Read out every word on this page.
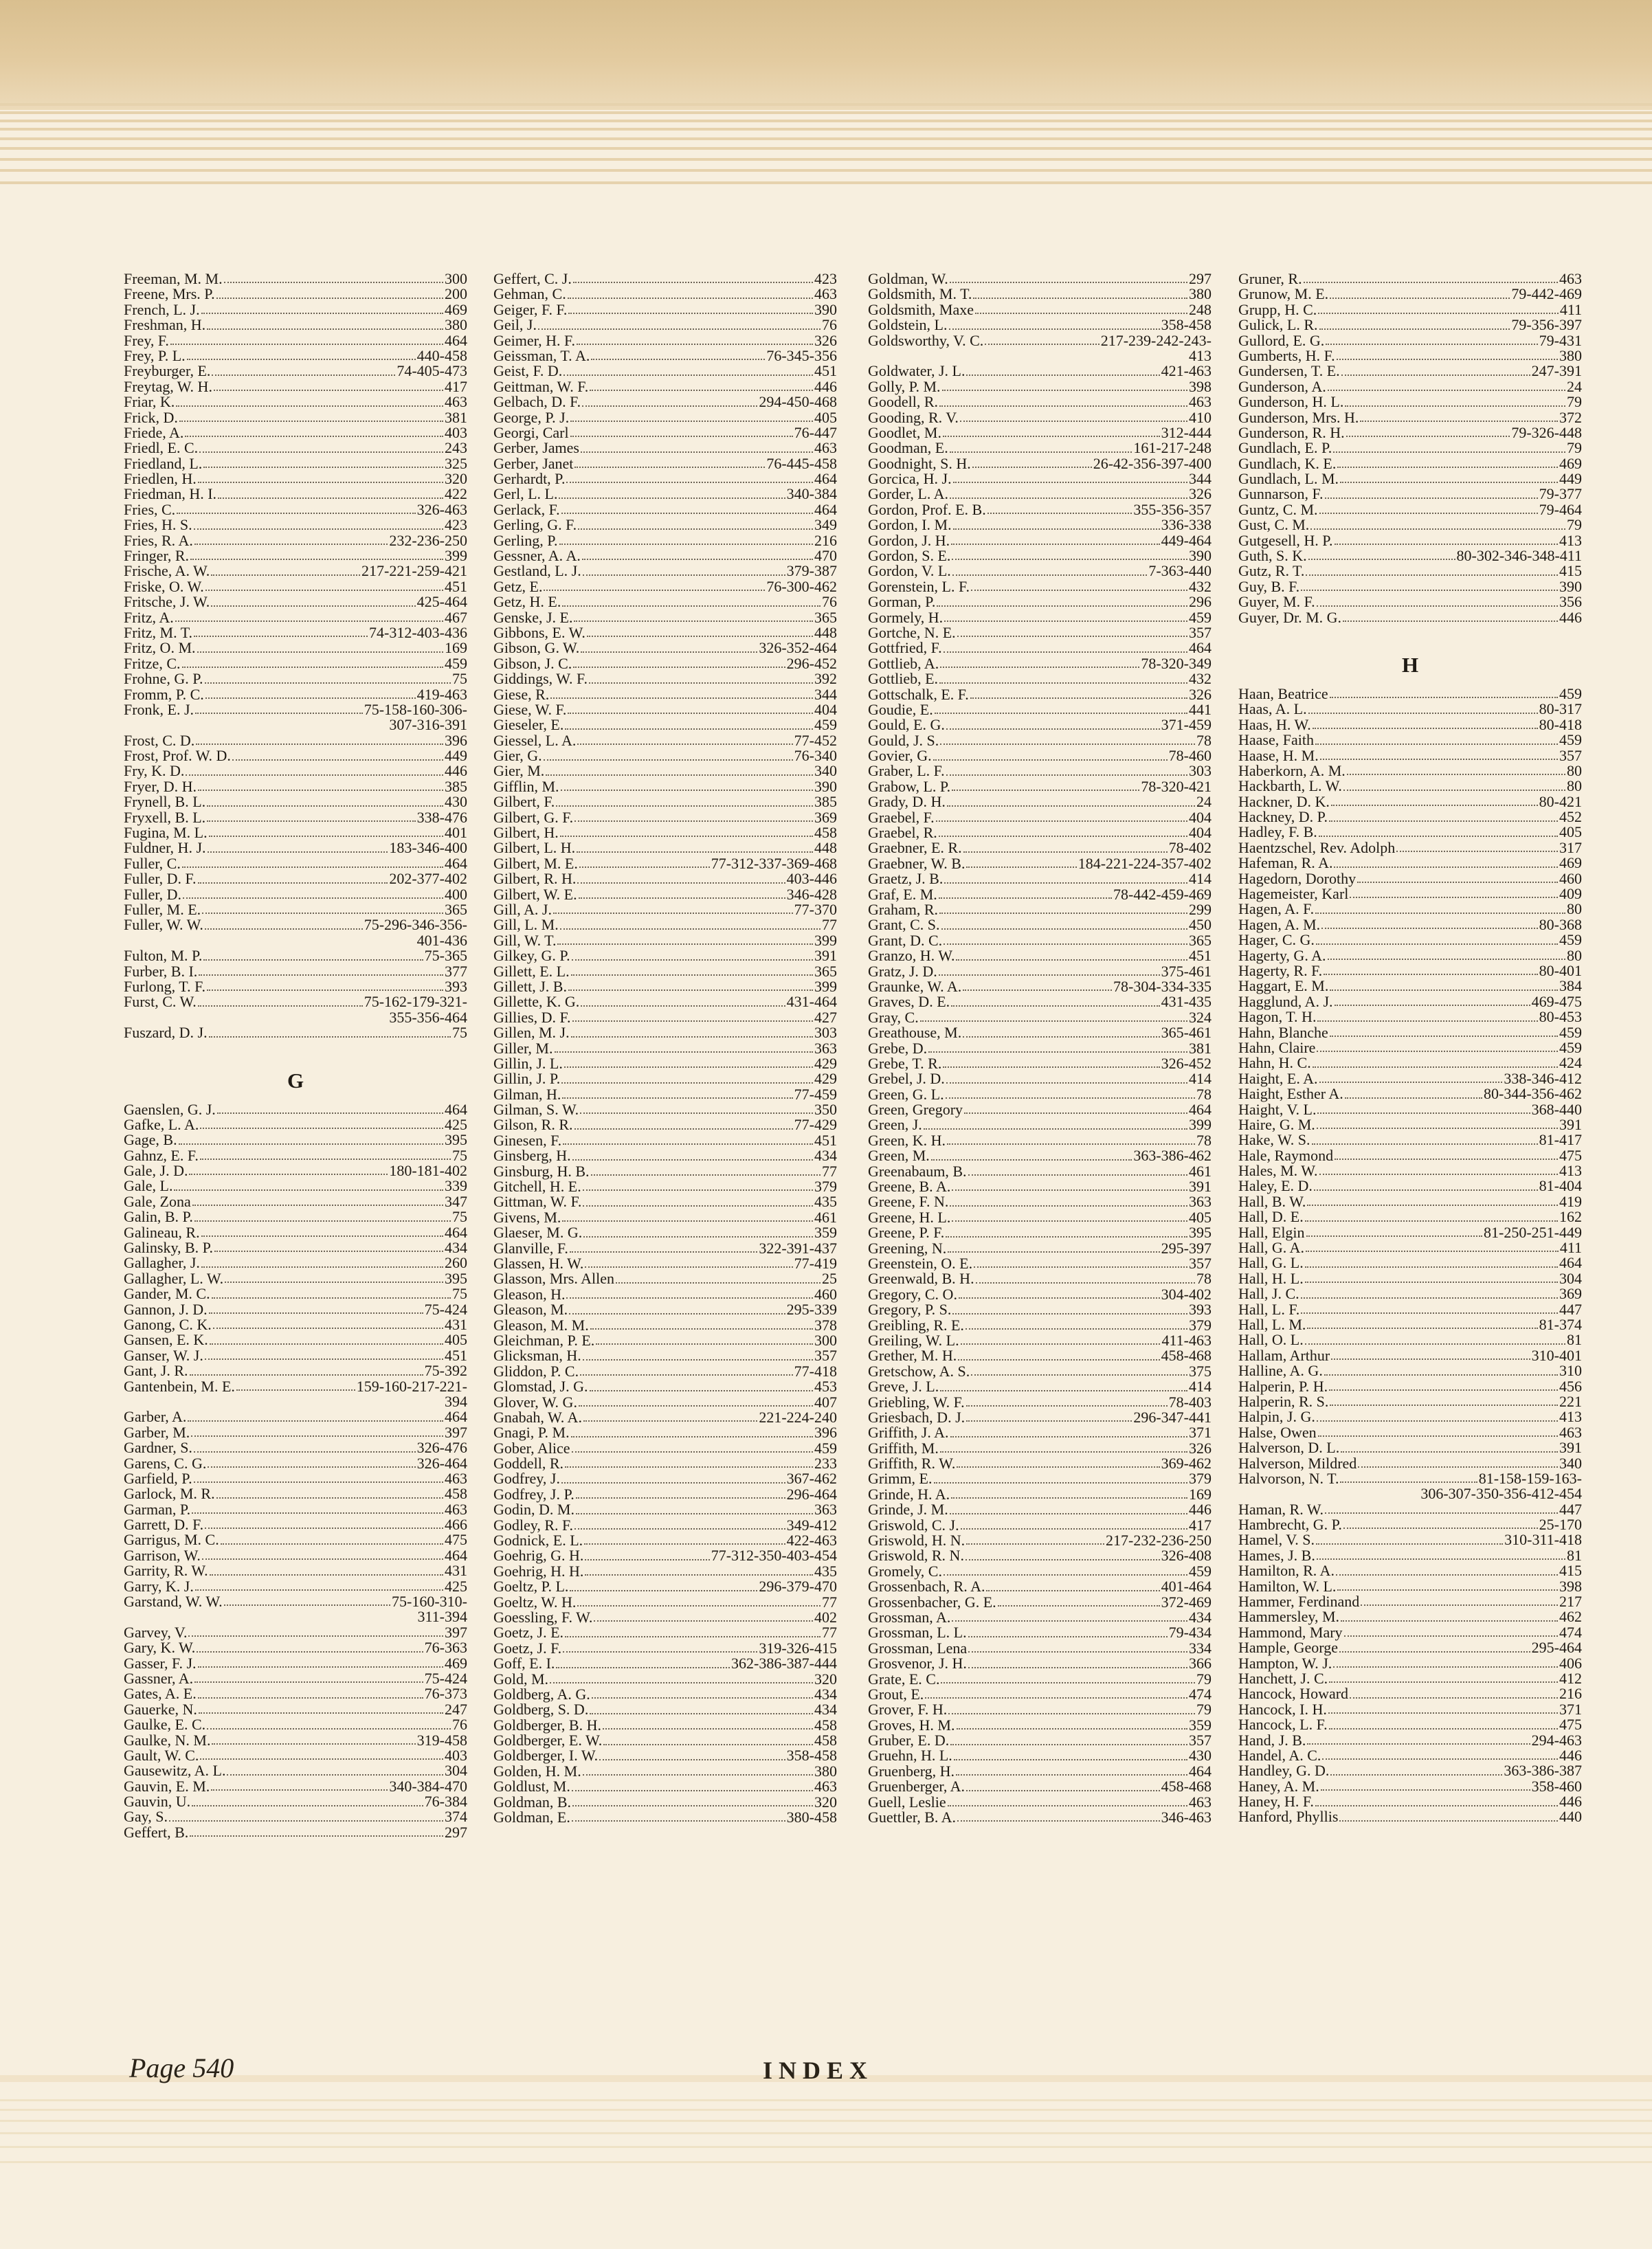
Freeman, M. M.	300
Freene, Mrs. P.	200
French, L. J.	469
Freshman, H.	380
Frey, F.	464
Frey, P. L.	440-458
Freyburger, E.	74-405-473
Freytag, W. H.	417
Friar, K.	463
Frick, D.	381
Friede, A.	403
Friedl, E. C.	243
Friedland, L.	325
Friedlen, H.	320
Friedman, H. I.	422
Fries, C.	326-463
Fries, H. S.	423
Fries, R. A.	232-236-250
Fringer, R.	399
Frische, A. W.	217-221-259-421
Friske, O. W.	451
Fritsche, J. W.	425-464
Fritz, A.	467
Fritz, M. T.	74-312-403-436
Fritz, O. M.	169
Fritze, C.	459
Frohne, G. P.	75
Fromm, P. C.	419-463
Fronk, E. J.	75-158-160-306-
307-316-391
Frost, C. D.	396
Frost, Prof. W. D.	449
Fry, K. D.	446
Fryer, D. H.	385
Frynell, B. L.	430
Fryxell, B. L.	338-476
Fugina, M. L.	401
Fuldner, H. J.	183-346-400
Fuller, C.	464
Fuller, D. F.	202-377-402
Fuller, D.	400
Fuller, M. E.	365
Fuller, W. W.	75-296-346-356-
401-436
Fulton, M. P.	75-365
Furber, B. I.	377
Furlong, T. F.	393
Furst, C. W.	75-162-179-321-
355-356-464
Fuszard, D. J.	75
G
Gaenslen, G. J.	464
Gafke, L. A.	425
Gage, B.	395
Gahnz, E. F.	75
Gale, J. D.	180-181-402
Gale, L.	339
Gale, Zona	347
Galin, B. P.	75
Galineau, R.	464
Galinsky, B. P.	434
Gallagher, J.	260
Gallagher, L. W.	395
Gander, M. C.	75
Gannon, J. D.	75-424
Ganong, C. K.	431
Gansen, E. K.	405
Ganser, W. J.	451
Gant, J. R.	75-392
Gantenbein, M. E.	159-160-217-221-
394
Garber, A.	464
Garber, M.	397
Gardner, S.	326-476
Garens, C. G.	326-464
Garfield, P.	463
Garlock, M. R.	458
Garman, P.	463
Garrett, D. F.	466
Garrigus, M. C.	475
Garrison, W.	464
Garrity, R. W.	431
Garry, K. J.	425
Garstand, W. W.	75-160-310-
311-394
Garvey, V.	397
Gary, K. W.	76-363
Gasser, F. J.	469
Gassner, A.	75-424
Gates, A. E.	76-373
Gauerke, N.	247
Gaulke, E. C.	76
Gaulke, N. M.	319-458
Gault, W. C.	403
Gausewitz, A. L.	304
Gauvin, E. M.	340-384-470
Gauvin, U.	76-384
Gay, S.	374
Geffert, B.	297
Geffert, C. J.	423
Gehman, C.	463
Geiger, F. F.	390
Geil, J.	76
Geimer, H. F.	326
Geissman, T. A.	76-345-356
Geist, F. D.	451
Geittman, W. F.	446
Gelbach, D. F.	294-450-468
George, P. J.	405
Georgi, Carl	76-447
Gerber, James	463
Gerber, Janet	76-445-458
Gerhardt, P.	464
Gerl, L. L.	340-384
Gerlack, F.	464
Gerling, G. F.	349
Gerling, P.	216
Gessner, A. A.	470
Gestland, L. J.	379-387
Getz, E.	76-300-462
Getz, H. E.	76
Genske, J. E.	365
Gibbons, E. W.	448
Gibson, G. W.	326-352-464
Gibson, J. C.	296-452
Giddings, W. F.	392
Giese, R.	344
Giese, W. F.	404
Gieseler, E.	459
Giessel, L. A.	77-452
Gier, G.	76-340
Gier, M.	340
Gifflin, M.	390
Gilbert, F.	385
Gilbert, G. F.	369
Gilbert, H.	458
Gilbert, L. H.	448
Gilbert, M. E.	77-312-337-369-468
Gilbert, R. H.	403-446
Gilbert, W. E.	346-428
Gill, A. J.	77-370
Gill, L. M.	77
Gill, W. T.	399
Gilkey, G. P.	391
Gillett, E. L.	365
Gillett, J. B.	399
Gillette, K. G.	431-464
Gillies, D. F.	427
Gillen, M. J.	303
Giller, M.	363
Gillin, J. L.	429
Gillin, J. P.	429
Gilman, H.	77-459
Gilman, S. W.	350
Gilson, R. R.	77-429
Ginesen, F.	451
Ginsberg, H.	434
Ginsburg, H. B.	77
Gitchell, H. E.	379
Gittman, W. F.	435
Givens, M.	461
Glaeser, M. G.	359
Glanville, F.	322-391-437
Glassen, H. W.	77-419
Glasson, Mrs. Allen	25
Gleason, H.	460
Gleason, M.	295-339
Gleason, M. M.	378
Gleichman, P. E.	300
Glicksman, H.	357
Gliddon, P. C.	77-418
Glomstad, J. G.	453
Glover, W. G.	407
Gnabah, W. A.	221-224-240
Gnagi, P. M.	396
Gober, Alice	459
Goddell, R.	233
Godfrey, J.	367-462
Godfrey, J. P.	296-464
Godin, D. M.	363
Godley, R. F.	349-412
Godnick, E. L.	422-463
Goehrig, G. H.	77-312-350-403-454
Goehrig, H. H.	435
Goeltz, P. L.	296-379-470
Goeltz, W. H.	77
Goessling, F. W.	402
Goetz, J. E.	77
Goetz, J. F.	319-326-415
Goff, E. I.	362-386-387-444
Gold, M.	320
Goldberg, A. G.	434
Goldberg, S. D.	434
Goldberger, B. H.	458
Goldberger, E. W.	458
Goldberger, I. W.	358-458
Golden, H. M.	380
Goldlust, M.	463
Goldman, B.	320
Goldman, E.	380-458
Goldman, W.	297
Goldsmith, M. T.	380
Goldsmith, Maxe	248
Goldstein, L.	358-458
Goldsworthy, V. C.	217-239-242-243-
413
Goldwater, J. L.	421-463
Golly, P. M.	398
Goodell, R.	463
Gooding, R. V.	410
Goodlet, M.	312-444
Goodman, E.	161-217-248
Goodnight, S. H.	26-42-356-397-400
Gorcica, H. J.	344
Gorder, L. A.	326
Gordon, Prof. E. B.	355-356-357
Gordon, I. M.	336-338
Gordon, J. H.	449-464
Gordon, S. E.	390
Gordon, V. L.	7-363-440
Gorenstein, L. F.	432
Gorman, P.	296
Gormely, H.	459
Gortche, N. E.	357
Gottfried, F.	464
Gottlieb, A.	78-320-349
Gottlieb, E.	432
Gottschalk, E. F.	326
Goudie, E.	441
Gould, E. G.	371-459
Gould, J. S.	78
Govier, G.	78-460
Graber, L. F.	303
Grabow, L. P.	78-320-421
Grady, D. H.	24
Graebel, F.	404
Graebel, R.	404
Graebner, E. R.	78-402
Graebner, W. B.	184-221-224-357-402
Graetz, J. B.	414
Graf, E. M.	78-442-459-469
Graham, R.	299
Grant, C. S.	450
Grant, D. C.	365
Granzo, H. W.	451
Gratz, J. D.	375-461
Graunke, W. A.	78-304-334-335
Graves, D. E.	431-435
Gray, C.	324
Greathouse, M.	365-461
Grebe, D.	381
Grebe, T. R.	326-452
Grebel, J. D.	414
Green, G. L.	78
Green, Gregory	464
Green, J.	399
Green, K. H.	78
Green, M.	363-386-462
Greenabaum, B.	461
Greene, B. A.	391
Greene, F. N.	363
Greene, H. L.	405
Greene, P. F.	395
Greening, N.	295-397
Greenstein, O. E.	357
Greenwald, B. H.	78
Gregory, C. O.	304-402
Gregory, P. S.	393
Greibling, R. E.	379
Greiling, W. L.	411-463
Grether, M. H.	458-468
Gretschow, A. S.	375
Greve, J. L.	414
Griebling, W. F.	78-403
Griesbach, D. J.	296-347-441
Griffith, J. A.	371
Griffith, M.	326
Griffith, R. W.	369-462
Grimm, E.	379
Grinde, H. A.	169
Grinde, J. M.	446
Griswold, C. J.	417
Griswold, H. N.	217-232-236-250
Griswold, R. N.	326-408
Gromely, C.	459
Grossenbach, R. A.	401-464
Grossenbacher, G. E.	372-469
Grossman, A.	434
Grossman, L. L.	79-434
Grossman, Lena	334
Grosvenor, J. H.	366
Grate, E. C.	79
Grout, E.	474
Grover, F. H.	79
Groves, H. M.	359
Gruber, E. D.	357
Gruehn, H. L.	430
Gruenberg, H.	464
Gruenberger, A.	458-468
Guell, Leslie	463
Guettler, B. A.	346-463
Gruner, R.	463
Grunow, M. E.	79-442-469
Grupp, H. C.	411
Gulick, L. R.	79-356-397
Gullord, E. G.	79-431
Gumberts, H. F.	380
Gundersen, T. E.	247-391
Gunderson, A.	24
Gunderson, H. L.	79
Gunderson, Mrs. H.	372
Gunderson, R. H.	79-326-448
Gundlach, E. P.	79
Gundlach, K. E.	469
Gundlach, L. M.	449
Gunnarson, F.	79-377
Guntz, C. M.	79-464
Gust, C. M.	79
Gutgesell, H. P.	413
Guth, S. K.	80-302-346-348-411
Gutz, R. T.	415
Guy, B. F.	390
Guyer, M. F.	356
Guyer, Dr. M. G.	446
H
Haan, Beatrice	459
Haas, A. L.	80-317
Haas, H. W.	80-418
Haase, Faith	459
Haase, H. M.	357
Haberkorn, A. M.	80
Hackbarth, L. W.	80
Hackner, D. K.	80-421
Hackney, D. P.	452
Hadley, F. B.	405
Haentzschel, Rev. Adolph	317
Hafeman, R. A.	469
Hagedorn, Dorothy	460
Hagemeister, Karl	409
Hagen, A. F.	80
Hagen, A. M.	80-368
Hager, C. G.	459
Hagerty, G. A.	80
Hagerty, R. F.	80-401
Haggart, E. M.	384
Hagglund, A. J.	469-475
Hagon, T. H.	80-453
Hahn, Blanche	459
Hahn, Claire	459
Hahn, H. C.	424
Haight, E. A.	338-346-412
Haight, Esther A.	80-344-356-462
Haight, V. L.	368-440
Haire, G. M.	391
Hake, W. S.	81-417
Hale, Raymond	475
Hales, M. W.	413
Haley, E. D.	81-404
Hall, B. W.	419
Hall, D. E.	162
Hall, Elgin	81-250-251-449
Hall, G. A.	411
Hall, G. L.	464
Hall, H. L.	304
Hall, J. C.	369
Hall, L. F.	447
Hall, L. M.	81-374
Hall, O. L.	81
Hallam, Arthur	310-401
Halline, A. G.	310
Halperin, P. H.	456
Halperin, R. S.	221
Halpin, J. G.	413
Halse, Owen	463
Halverson, D. L.	391
Halverson, Mildred	340
Halvorson, N. T.	81-158-159-163-
306-307-350-356-412-454
Haman, R. W.	447
Hambrecht, G. P.	25-170
Hamel, V. S.	310-311-418
Hames, J. B.	81
Hamilton, R. A.	415
Hamilton, W. L.	398
Hammer, Ferdinand	217
Hammersley, M.	462
Hammond, Mary	474
Hample, George	295-464
Hampton, W. J.	406
Hanchett, J. C.	412
Hancock, Howard	216
Hancock, I. H.	371
Hancock, L. F.	475
Hand, J. B.	294-463
Handel, A. C.	446
Handley, G. D.	363-386-387
Haney, A. M.	358-460
Haney, H. F.	446
Hanford, Phyllis	440
Page 540	INDEX
